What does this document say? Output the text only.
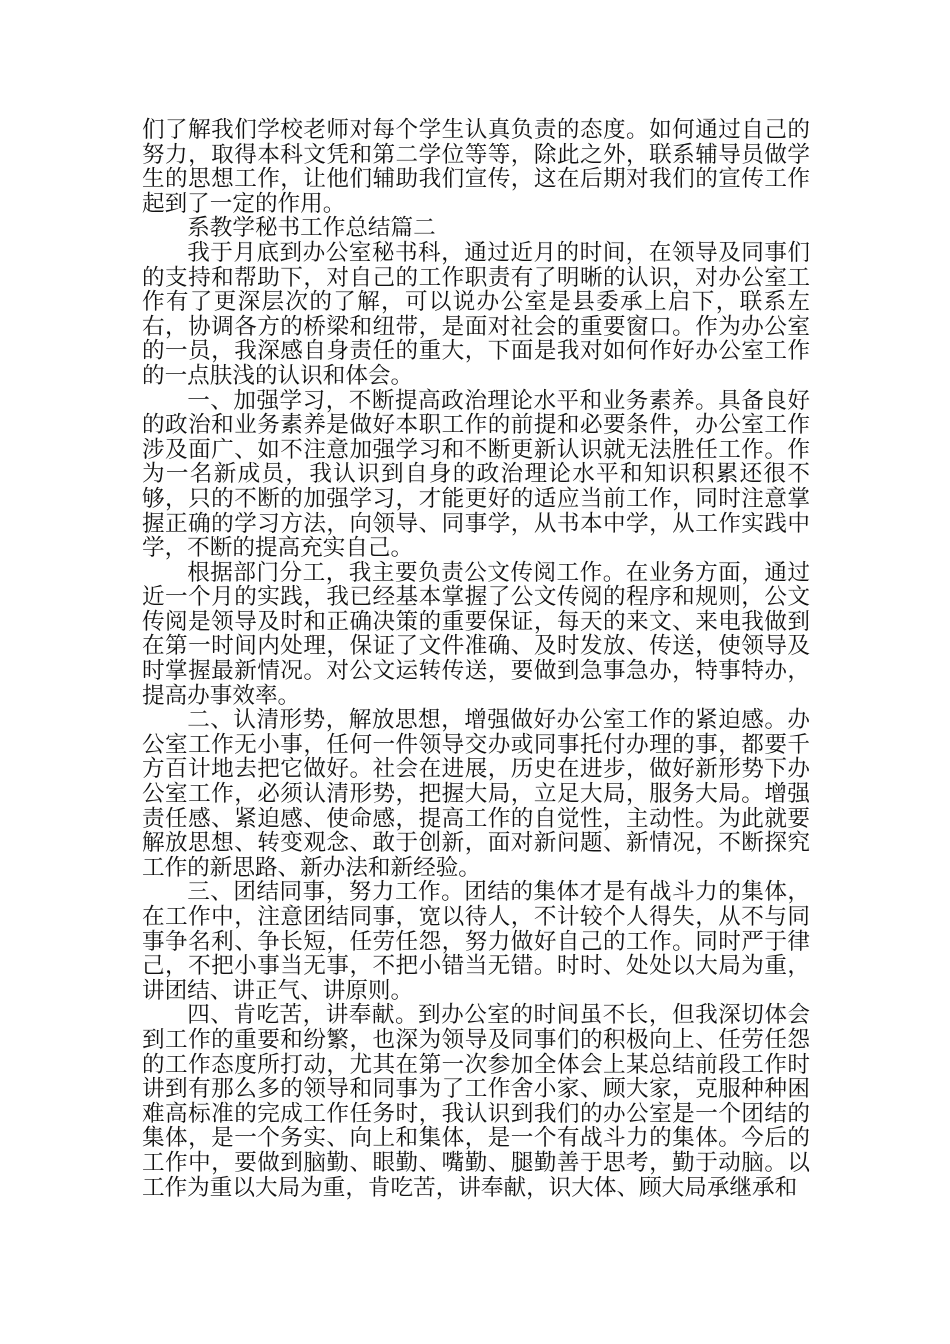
们了解我们学校老师对每个学生认真负责的态度。如何通过自己的努力，取得本科文凭和第二学位等等，除此之外，联系辅导员做学生的思想工作，让他们辅助我们宣传，这在后期对我们的宣传工作起到了一定的作用。

系教学秘书工作总结篇二

我于月底到办公室秘书科，通过近月的时间，在领导及同事们的支持和帮助下，对自己的工作职责有了明晰的认识，对办公室工作有了更深层次的了解，可以说办公室是县委承上启下，联系左右，协调各方的桥梁和纽带，是面对社会的重要窗口。作为办公室的一员，我深感自身责任的重大，下面是我对如何作好办公室工作的一点肤浅的认识和体会。

一、加强学习，不断提高政治理论水平和业务素养。具备良好的政治和业务素养是做好本职工作的前提和必要条件，办公室工作涉及面广、如不注意加强学习和不断更新认识就无法胜任工作。作为一名新成员，我认识到自身的政治理论水平和知识积累还很不够，只的不断的加强学习，才能更好的适应当前工作，同时注意掌握正确的学习方法，向领导、同事学，从书本中学，从工作实践中学，不断的提高充实自己。

根据部门分工，我主要负责公文传阅工作。在业务方面，通过近一个月的实践，我已经基本掌握了公文传阅的程序和规则，公文传阅是领导及时和正确决策的重要保证，每天的来文、来电我做到在第一时间内处理，保证了文件准确、及时发放、传送，使领导及时掌握最新情况。对公文运转传送，要做到急事急办，特事特办，提高办事效率。

二、认清形势，解放思想，增强做好办公室工作的紧迫感。办公室工作无小事，任何一件领导交办或同事托付办理的事，都要千方百计地去把它做好。社会在进展，历史在进步，做好新形势下办公室工作，必须认清形势，把握大局，立足大局，服务大局。增强责任感、紧迫感、使命感，提高工作的自觉性，主动性。为此就要解放思想、转变观念、敢于创新，面对新问题、新情况，不断探究工作的新思路、新办法和新经验。

三、团结同事，努力工作。团结的集体才是有战斗力的集体，在工作中，注意团结同事，宽以待人，不计较个人得失，从不与同事争名利、争长短，任劳任怨，努力做好自己的工作。同时严于律己，不把小事当无事，不把小错当无错。时时、处处以大局为重，讲团结、讲正气、讲原则。

四、肯吃苦，讲奉献。到办公室的时间虽不长，但我深切体会到工作的重要和纷繁，也深为领导及同事们的积极向上、任劳任怨的工作态度所打动，尤其在第一次参加全体会上某总结前段工作时讲到有那么多的领导和同事为了工作舍小家、顾大家，克服种种困难高标准的完成工作任务时，我认识到我们的办公室是一个团结的集体，是一个务实、向上和集体，是一个有战斗力的集体。今后的工作中，要做到脑勤、眼勤、嘴勤、腿勤善于思考，勤于动脑。以工作为重以大局为重，肯吃苦，讲奉献，识大体、顾大局承继承和
